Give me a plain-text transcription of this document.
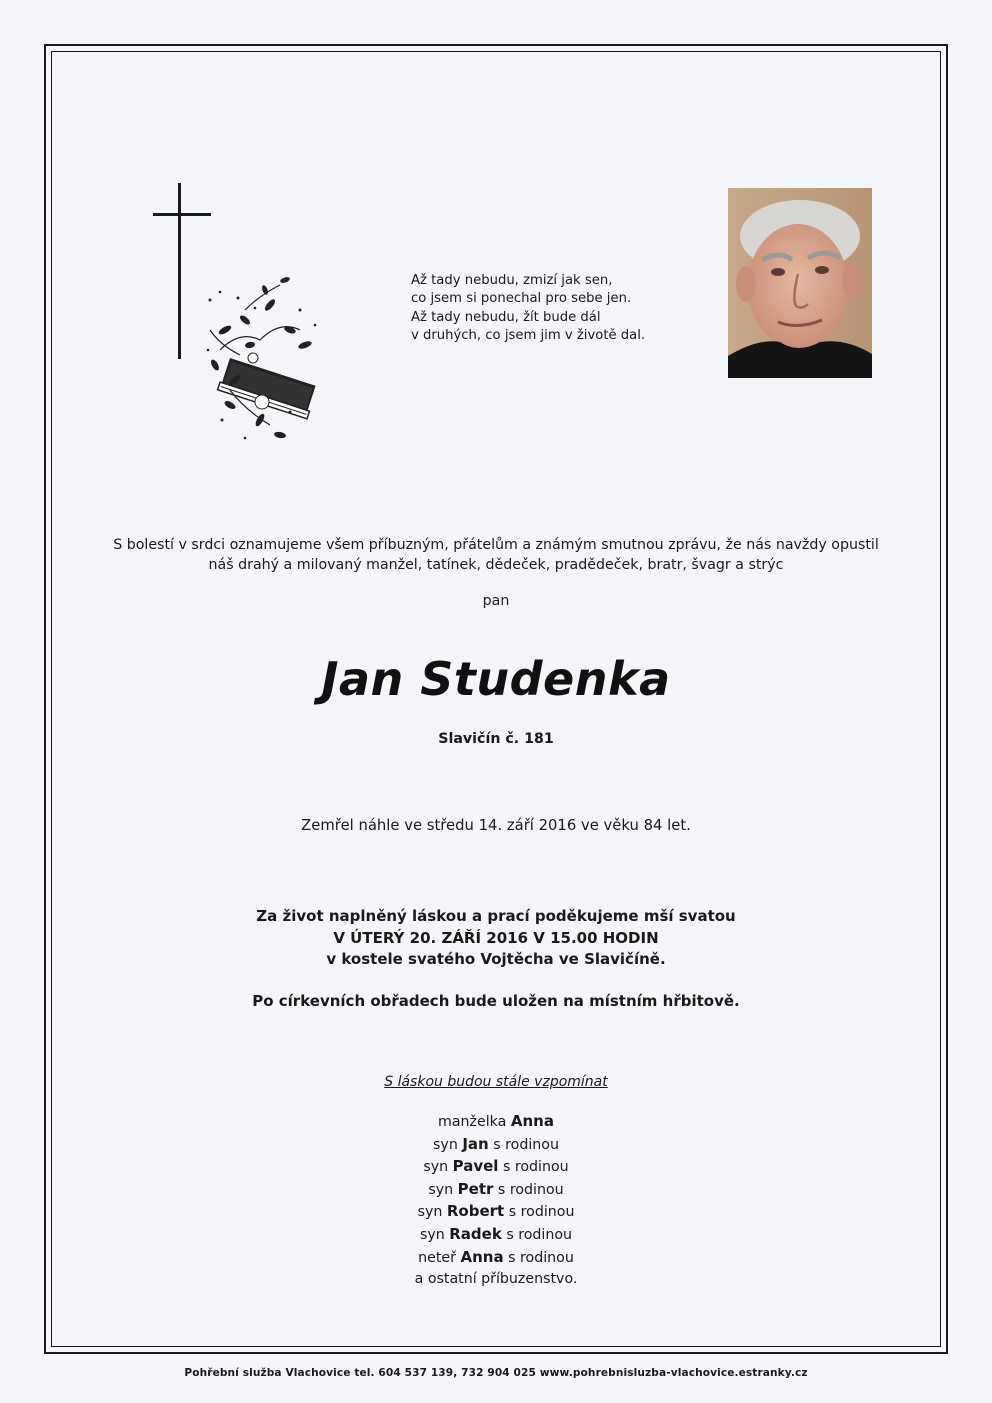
Až tady nebudu, zmizí jak sen,
co jsem si ponechal pro sebe jen.
Až tady nebudu, žít bude dál
v druhých, co jsem jim v životě dal.
S bolestí v srdci oznamujeme všem příbuzným, přátelům a známým smutnou zprávu, že nás navždy opustil
náš drahý a milovaný manžel, tatínek, dědeček, pradědeček, bratr, švagr a strýc
pan
Jan Studenka
Slavičín č. 181
Zemřel náhle ve středu 14. září 2016 ve věku 84 let.
Za život naplněný láskou a prací poděkujeme mší svatou
V ÚTERÝ 20. ZÁŘÍ 2016 V 15.00 HODIN
v kostele svatého Vojtěcha ve Slavičíně.
Po církevních obřadech bude uložen na místním hřbitově.
S láskou budou stále vzpomínat
manželka Anna
syn Jan s rodinou
syn Pavel s rodinou
syn Petr s rodinou
syn Robert s rodinou
syn Radek s rodinou
neteř Anna s rodinou
a ostatní příbuzenstvo.
Pohřební služba Vlachovice tel. 604 537 139, 732 904 025 www.pohrebnisluzba-vlachovice.estranky.cz
